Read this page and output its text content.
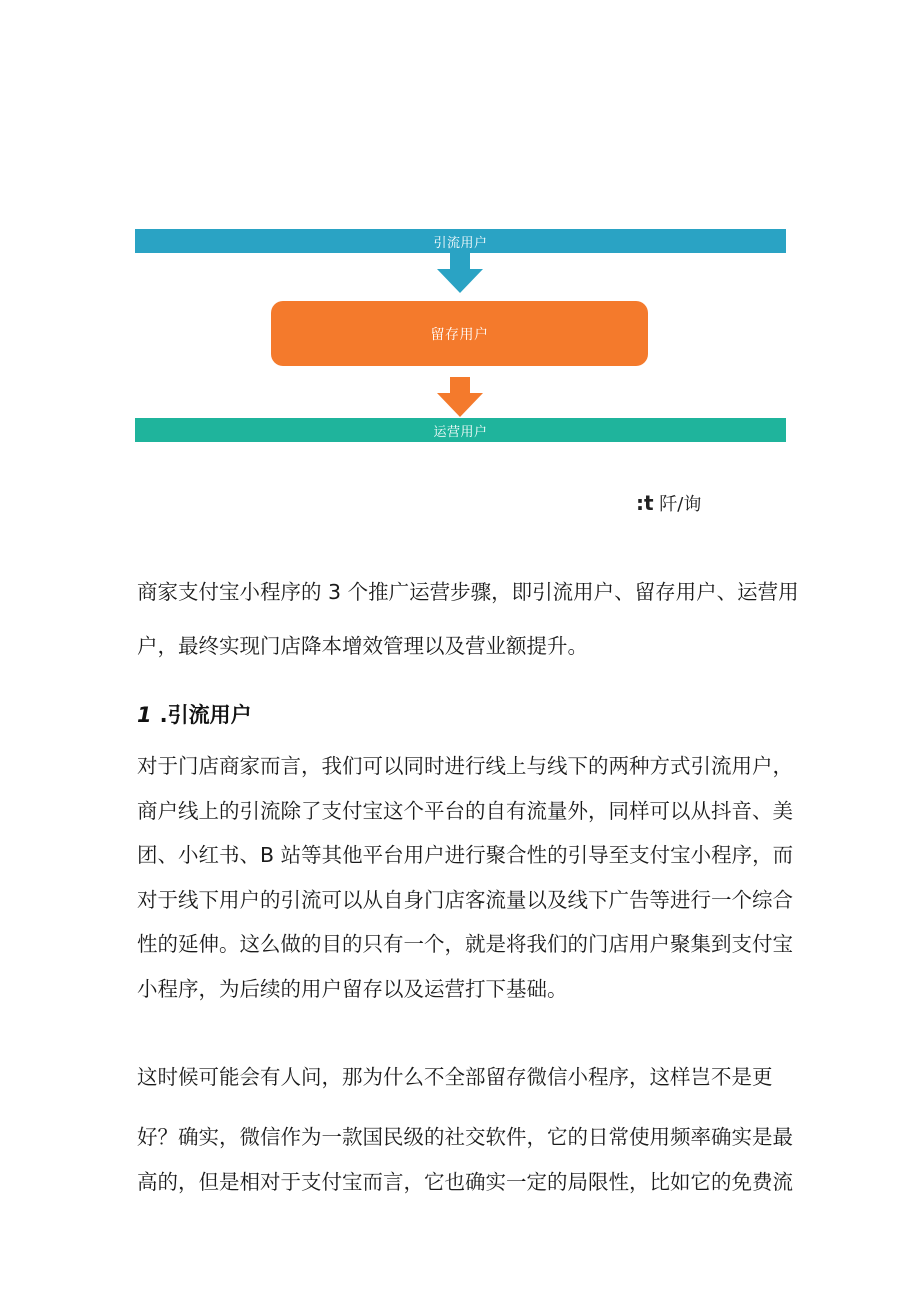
引流用户
留存用户
运营用户
:t 阡/询
商家支付宝小程序的 3 个推广运营步骤，即引流用户、留存用户、运营用
户，最终实现门店降本增效管理以及营业额提升。
1 .引流用户
对于门店商家而言，我们可以同时进行线上与线下的两种方式引流用户，
商户线上的引流除了支付宝这个平台的自有流量外，同样可以从抖音、美
团、小红书、B 站等其他平台用户进行聚合性的引导至支付宝小程序，而
对于线下用户的引流可以从自身门店客流量以及线下广告等进行一个综合
性的延伸。这么做的目的只有一个，就是将我们的门店用户聚集到支付宝
小程序，为后续的用户留存以及运营打下基础。
这时候可能会有人问，那为什么不全部留存微信小程序，这样岂不是更
好？确实，微信作为一款国民级的社交软件，它的日常使用频率确实是最
高的，但是相对于支付宝而言，它也确实一定的局限性，比如它的免费流
